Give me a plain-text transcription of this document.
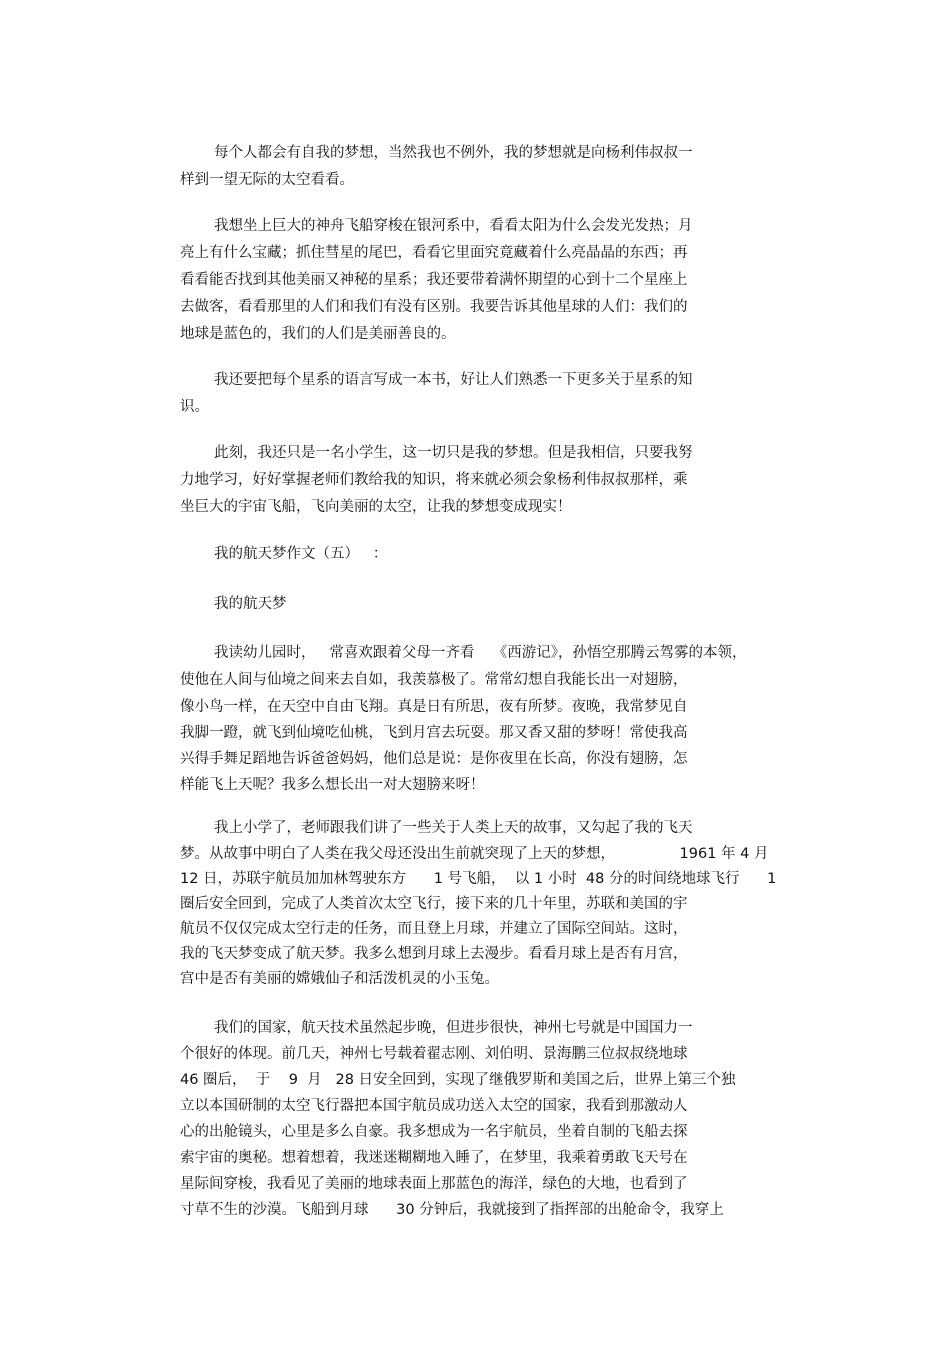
每个人都会有自我的梦想，当然我也不例外，我的梦想就是向杨利伟叔叔一
样到一望无际的太空看看。
我想坐上巨大的神舟飞船穿梭在银河系中，看看太阳为什么会发光发热；月
亮上有什么宝藏；抓住彗星的尾巴，看看它里面究竟藏着什么亮晶晶的东西；再
看看能否找到其他美丽又神秘的星系；我还要带着满怀期望的心到十二个星座上
去做客，看看那里的人们和我们有没有区别。我要告诉其他星球的人们：我们的
地球是蓝色的，我们的人们是美丽善良的。
我还要把每个星系的语言写成一本书，好让人们熟悉一下更多关于星系的知
识。
此刻，我还只是一名小学生，这一切只是我的梦想。但是我相信，只要我努
力地学习，好好掌握老师们教给我的知识，将来就必须会象杨利伟叔叔那样，乘
坐巨大的宇宙飞船，飞向美丽的太空，让我的梦想变成现实！
我的航天梦作文（五）   ：
我的航天梦
我读幼儿园时，   常喜欢跟着父母一齐看    《西游记》，孙悟空那腾云驾雾的本领，
使他在人间与仙境之间来去自如，我羡慕极了。常常幻想自我能长出一对翅膀，
像小鸟一样，在天空中自由飞翔。真是日有所思，夜有所梦。夜晚，我常梦见自
我脚一蹬，就飞到仙境吃仙桃，飞到月宫去玩耍。那又香又甜的梦呀！常使我高
兴得手舞足蹈地告诉爸爸妈妈，他们总是说：是你夜里在长高，你没有翅膀，怎
样能飞上天呢？我多么想长出一对大翅膀来呀！
我上小学了，老师跟我们讲了一些关于人类上天的故事，又勾起了我的飞天
梦。从故事中明白了人类在我父母还没出生前就突现了上天的梦想，              1961 年 4 月
12 日，苏联宇航员加加林驾驶东方      1 号飞船，  以 1 小时  48 分的时间绕地球飞行      1
圈后安全回到，完成了人类首次太空飞行，接下来的几十年里，苏联和美国的宇
航员不仅仅完成太空行走的任务，而且登上月球，并建立了国际空间站。这时，
我的飞天梦变成了航天梦。我多么想到月球上去漫步。看看月球上是否有月宫，
宫中是否有美丽的嫦娥仙子和活泼机灵的小玉兔。
我们的国家，航天技术虽然起步晚，但进步很快，神州七号就是中国国力一
个很好的体现。前几天，神州七号载着翟志刚、刘伯明、景海鹏三位叔叔绕地球
46 圈后，  于    9  月   28 日安全回到，实现了继俄罗斯和美国之后，世界上第三个独
立以本国研制的太空飞行器把本国宇航员成功送入太空的国家，我看到那激动人
心的出舱镜头，心里是多么自豪。我多想成为一名宇航员，坐着自制的飞船去探
索宇宙的奥秘。想着想着，我迷迷糊糊地入睡了，在梦里，我乘着勇敢飞天号在
星际间穿梭，我看见了美丽的地球表面上那蓝色的海洋，绿色的大地，也看到了
寸草不生的沙漠。飞船到月球      30 分钟后，我就接到了指挥部的出舱命令，我穿上
